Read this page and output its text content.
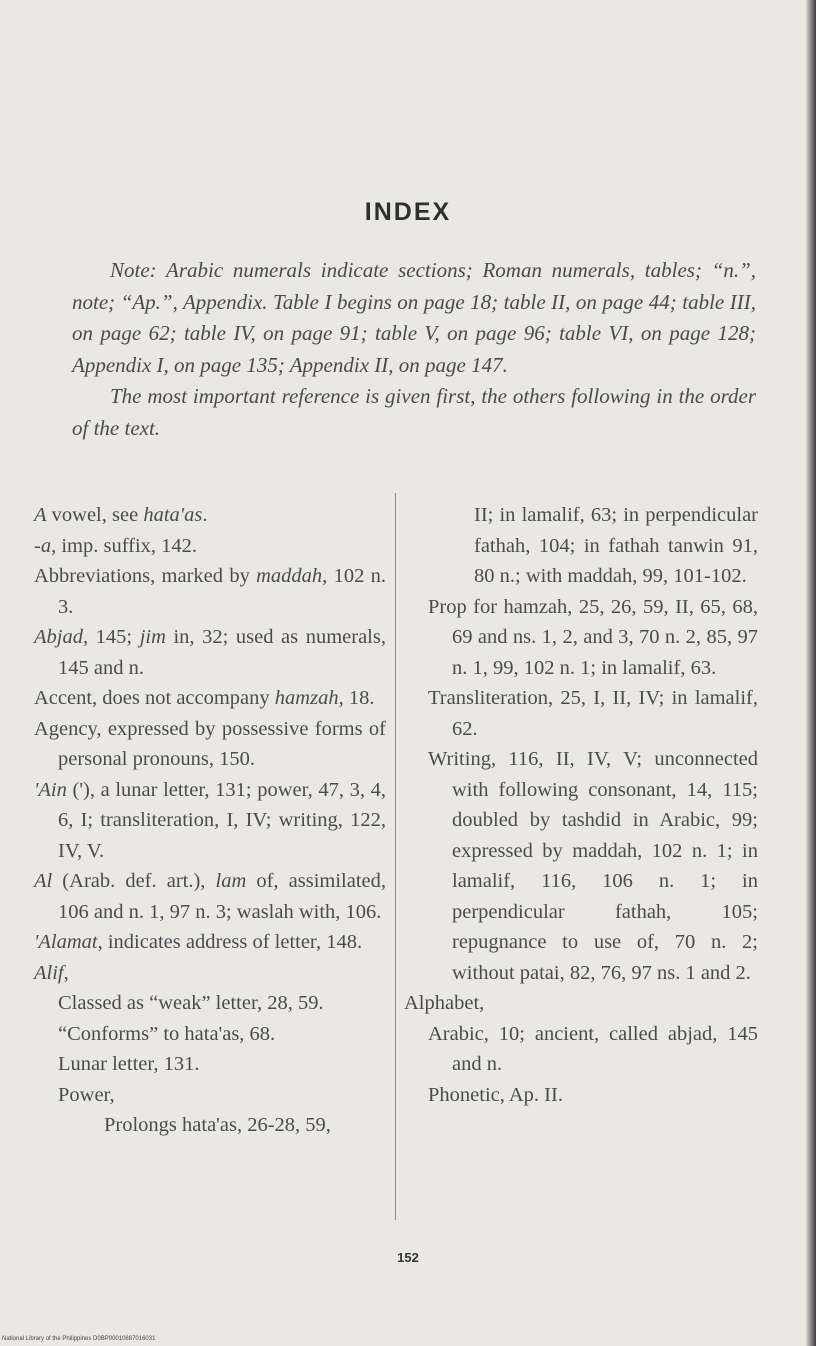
INDEX

Note: Arabic numerals indicate sections; Roman numerals, tables; “n.”, note; “Ap.”, Appendix. Table I begins on page 18; table II, on page 44; table III, on page 62; table IV, on page 91; table V, on page 96; table VI, on page 128; Appendix I, on page 135; Appendix II, on page 147.

The most important reference is given first, the others following in the order of the text.

A vowel, see hata'as.

-a, imp. suffix, 142.

Abbreviations, marked by maddah, 102 n. 3.

Abjad, 145; jim in, 32; used as numerals, 145 and n.

Accent, does not accompany hamzah, 18.

Agency, expressed by possessive forms of personal pronouns, 150.

'Ain ('), a lunar letter, 131; power, 47, 3, 4, 6, I; transliteration, I, IV; writing, 122, IV, V.

Al (Arab. def. art.), lam of, assimilated, 106 and n. 1, 97 n. 3; waslah with, 106.

'Alamat, indicates address of letter, 148.

Alif,

Classed as “weak” letter, 28, 59.

“Conforms” to hata'as, 68.

Lunar letter, 131.

Power,

Prolongs hata'as, 26-28, 59,

II; in lamalif, 63; in perpendicular fathah, 104; in fathah tanwin 91, 80 n.; with maddah, 99, 101-102.

Prop for hamzah, 25, 26, 59, II, 65, 68, 69 and ns. 1, 2, and 3, 70 n. 2, 85, 97 n. 1, 99, 102 n. 1; in lamalif, 63.

Transliteration, 25, I, II, IV; in lamalif, 62.

Writing, 116, II, IV, V; unconnected with following consonant, 14, 115; doubled by tashdid in Arabic, 99; expressed by maddah, 102 n. 1; in lamalif, 116, 106 n. 1; in perpendicular fathah, 105; repugnance to use of, 70 n. 2; without patai, 82, 76, 97 ns. 1 and 2.

Alphabet,

Arabic, 10; ancient, called abjad, 145 and n.

Phonetic, Ap. II.

152
National Library of the Philippines D0BP00010887016031
